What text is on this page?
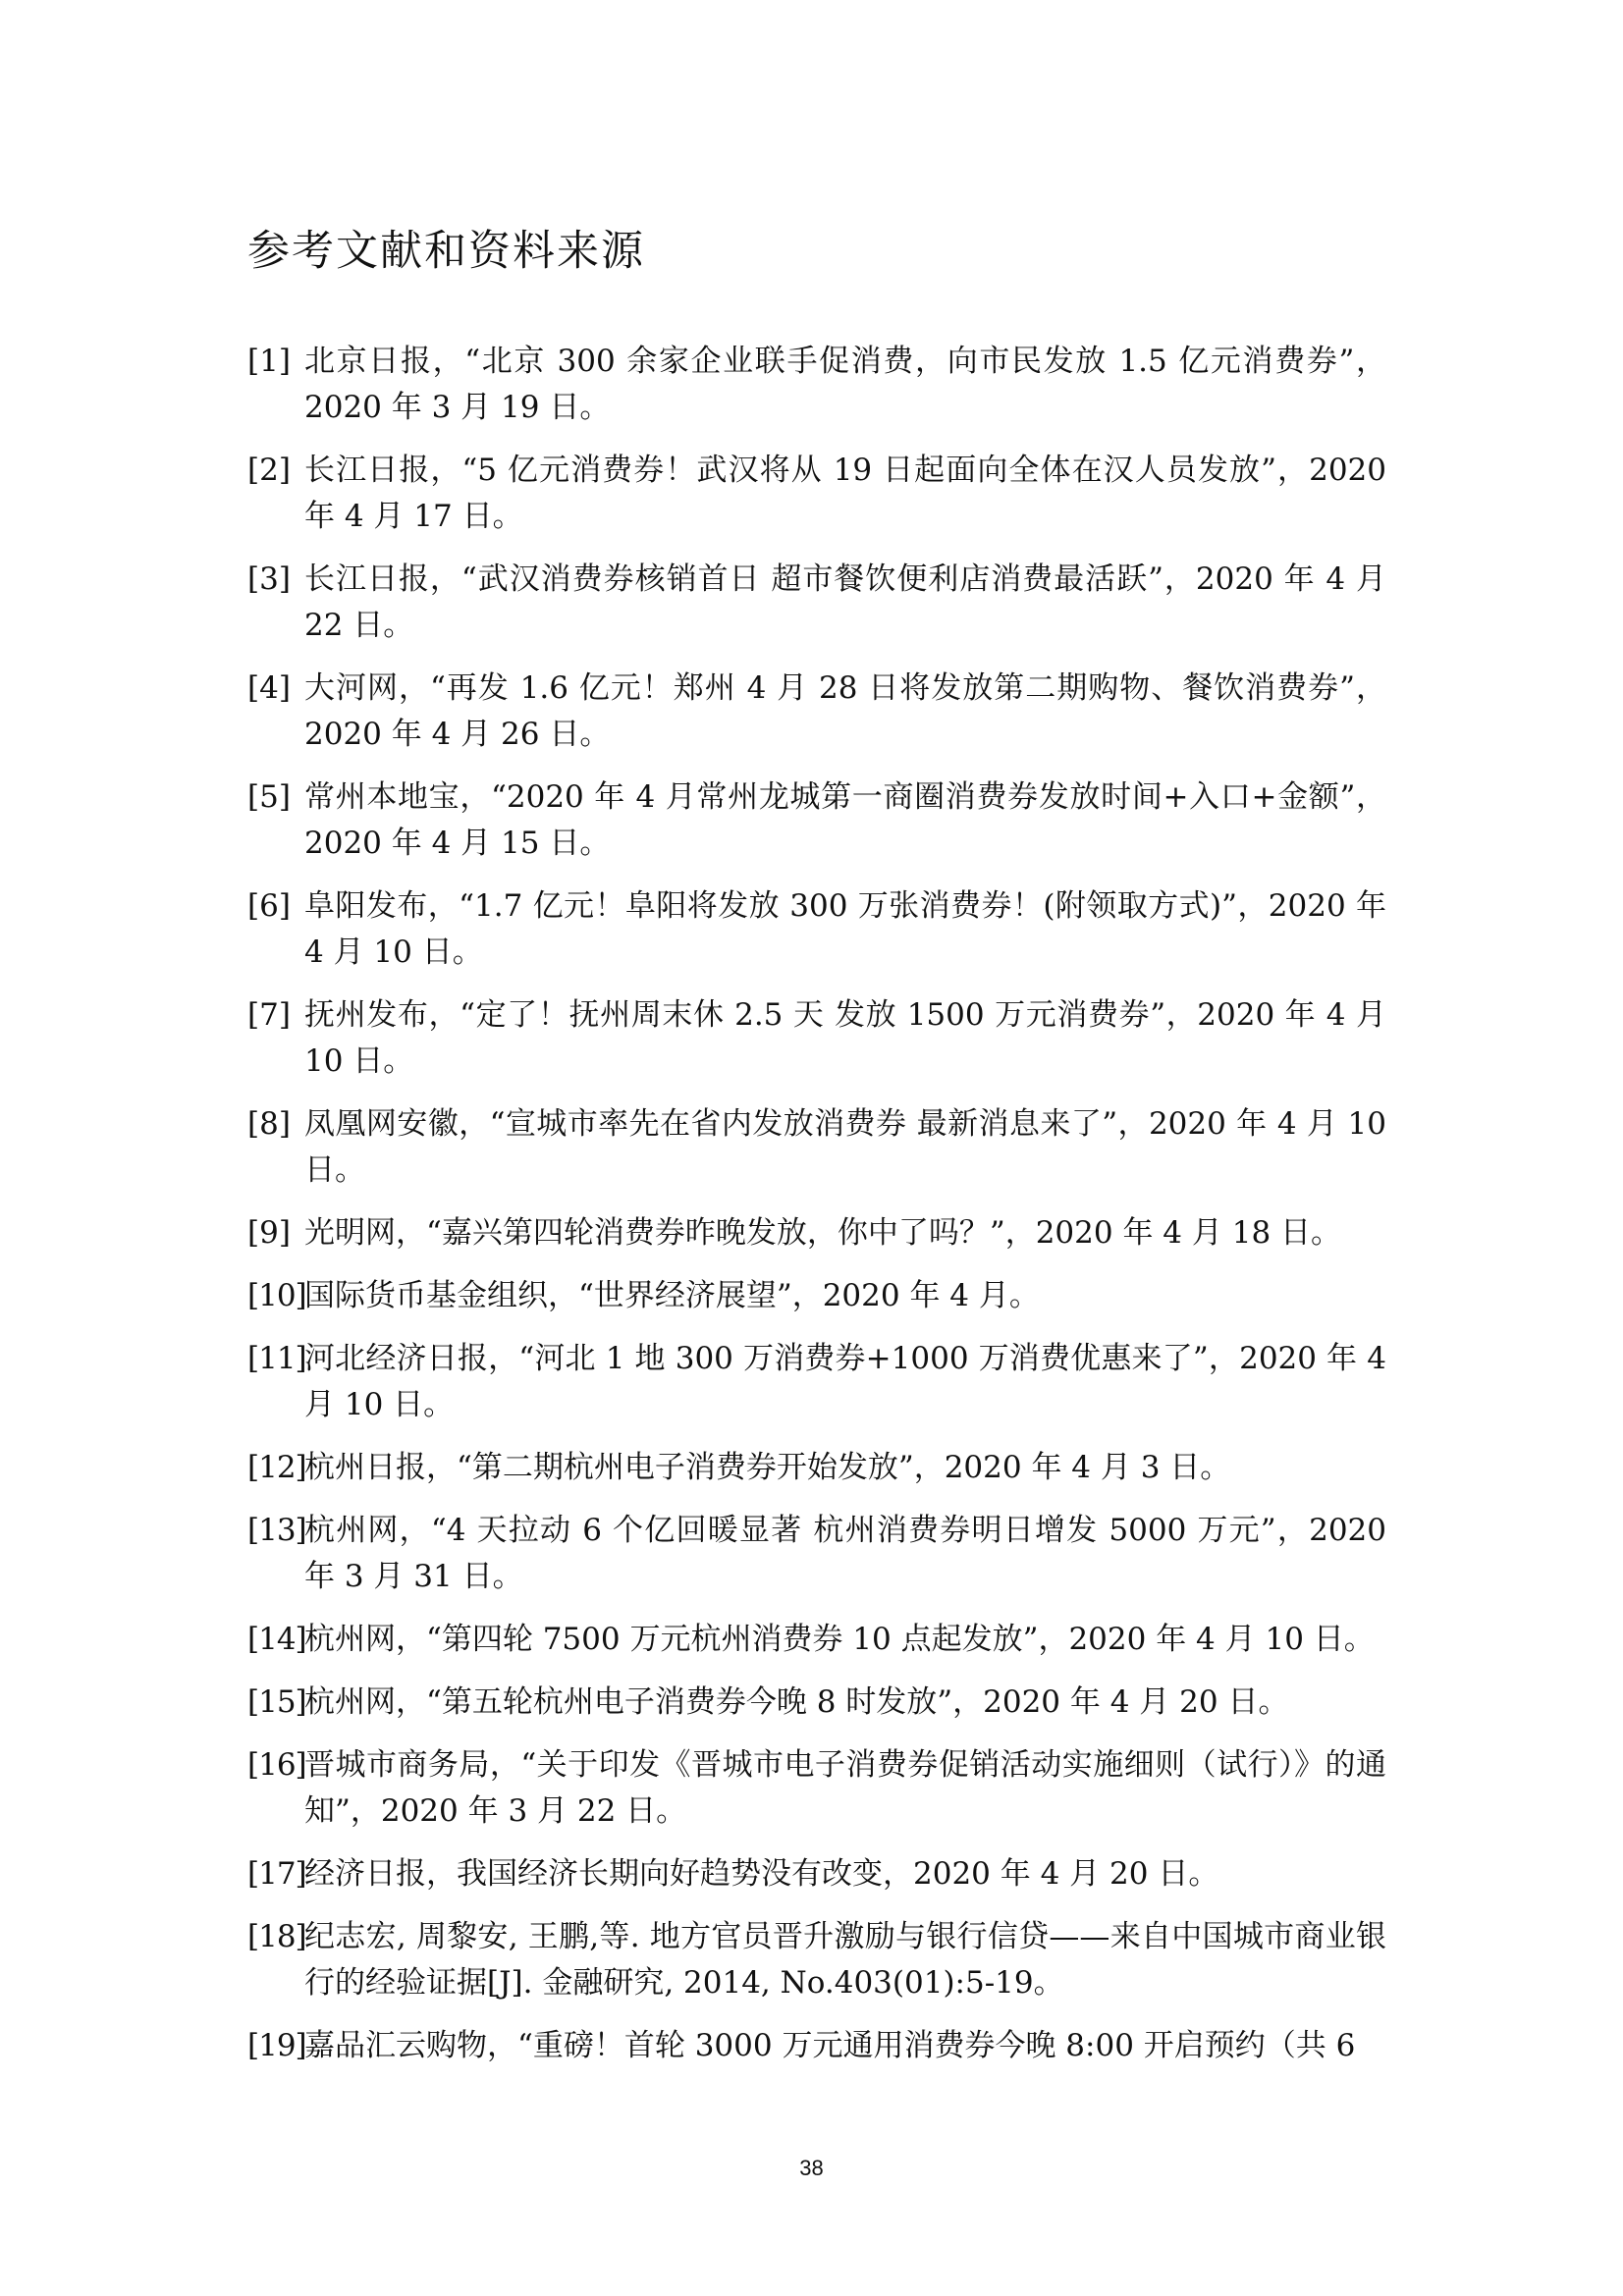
参考文献和资料来源
[1] 北京日报，“北京 300 余家企业联手促消费，向市民发放 1.5 亿元消费券”，2020 年 3 月 19 日。
[2] 长江日报，“5 亿元消费券！武汉将从 19 日起面向全体在汉人员发放”，2020 年 4 月 17 日。
[3] 长江日报，“武汉消费券核销首日 超市餐饮便利店消费最活跃”，2020 年 4 月 22 日。
[4] 大河网，“再发 1.6 亿元！郑州 4 月 28 日将发放第二期购物、餐饮消费券”，2020 年 4 月 26 日。
[5] 常州本地宝，“2020 年 4 月常州龙城第一商圈消费券发放时间+入口+金额”，2020 年 4 月 15 日。
[6] 阜阳发布，“1.7 亿元！阜阳将发放 300 万张消费券！(附领取方式)”，2020 年 4 月 10 日。
[7] 抚州发布，“定了！抚州周末休 2.5 天 发放 1500 万元消费券”，2020 年 4 月 10 日。
[8] 凤凰网安徽，“宣城市率先在省内发放消费券 最新消息来了”，2020 年 4 月 10 日。
[9] 光明网，“嘉兴第四轮消费券昨晚发放，你中了吗？”，2020 年 4 月 18 日。
[10]
国际货币基金组织，“世界经济展望”，2020 年 4 月。
[11]
河北经济日报，“河北 1 地 300 万消费券+1000 万消费优惠来了”，2020 年 4 月 10 日。
[12]
杭州日报，“第二期杭州电子消费券开始发放”，2020 年 4 月 3 日。
[13]
杭州网，“4 天拉动 6 个亿回暖显著 杭州消费券明日增发 5000 万元”，2020 年 3 月 31 日。
[14]
杭州网，“第四轮 7500 万元杭州消费券 10 点起发放”，2020 年 4 月 10 日。
[15]
杭州网，“第五轮杭州电子消费券今晚 8 时发放”，2020 年 4 月 20 日。
[16]
晋城市商务局，“关于印发《晋城市电子消费券促销活动实施细则（试行）》的通知”，2020 年 3 月 22 日。
[17]
经济日报，我国经济长期向好趋势没有改变，2020 年 4 月 20 日。
[18]
纪志宏, 周黎安, 王鹏,等. 地方官员晋升激励与银行信贷——来自中国城市商业银行的经验证据[J]. 金融研究, 2014, No.403(01):5-19。
[19]
嘉品汇云购物，“重磅！首轮 3000 万元通用消费券今晚 8:00 开启预约（共 6
38
